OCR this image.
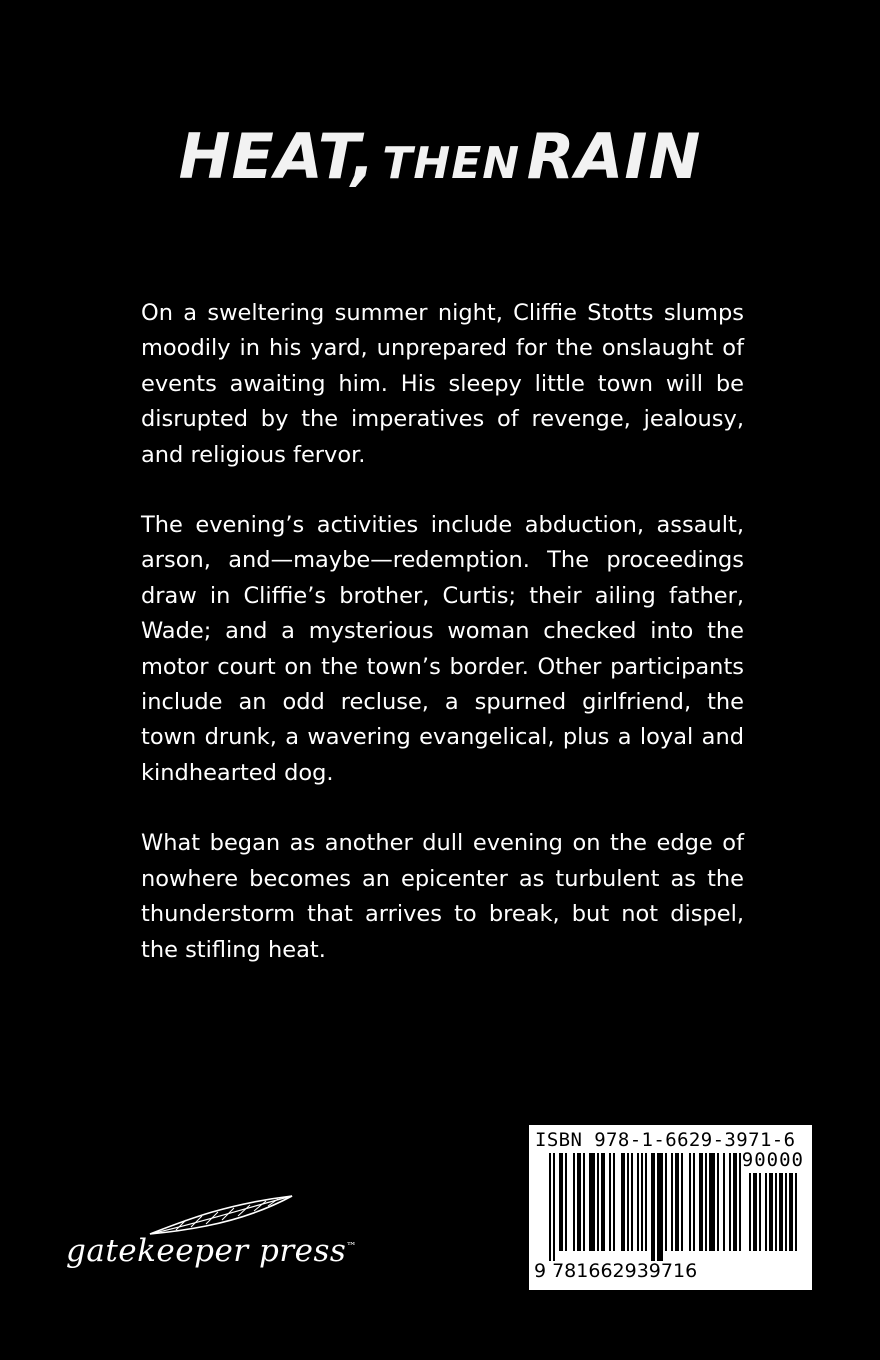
HEAT, THEN RAIN

On a sweltering summer night, Cliffie Stotts slumps moodily in his yard, unprepared for the onslaught of events awaiting him. His sleepy little town will be disrupted by the imperatives of revenge, jealousy, and religious fervor.

The evening’s activities include abduction, assault, arson, and—maybe—redemption. The proceedings draw in Cliffie’s brother, Curtis; their ailing father, Wade; and a mysterious woman checked into the motor court on the town’s border. Other participants include an odd recluse, a spurned girlfriend, the town drunk, a wavering evangelical, plus a loyal and kindhearted dog.

What began as another dull evening on the edge of nowhere becomes an epicenter as turbulent as the thunderstorm that arrives to break, but not dispel, the stifling heat.

gatekeeper press™
ISBN 978-1-6629-3971-6
90000
9 781662939716
